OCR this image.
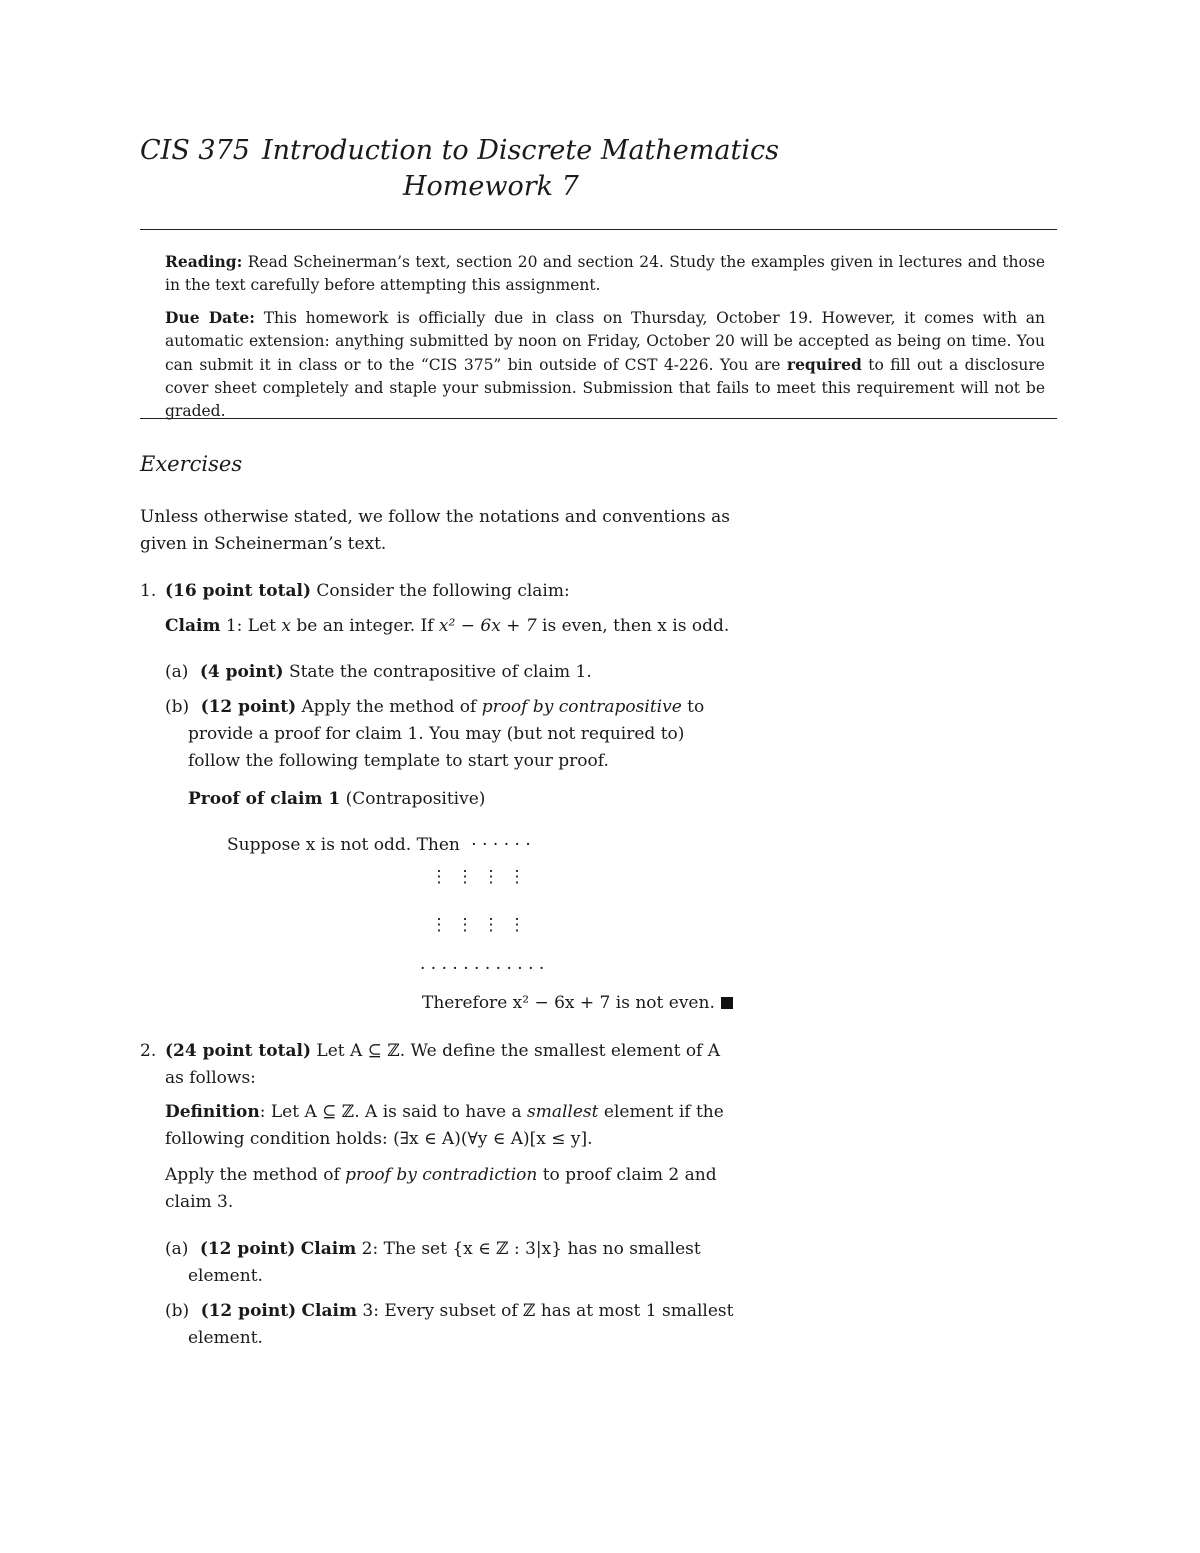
CIS 375 Introduction to Discrete Mathematics
Homework 7

Reading: Read Scheinerman’s text, section 20 and section 24. Study the examples given in lectures and those in the text carefully before attempting this assignment.

Due Date: This homework is officially due in class on Thursday, October 19. However, it comes with an automatic extension: anything submitted by noon on Friday, October 20 will be accepted as being on time. You can submit it in class or to the “CIS 375” bin outside of CST 4-226. You are required to fill out a disclosure cover sheet completely and staple your submission. Submission that fails to meet this requirement will not be graded.

Exercises
Unless otherwise stated, we follow the notations and conventions as given in Scheinerman’s text.
1. (16 point total) Consider the following claim:
Claim 1: Let x be an integer. If x² − 6x + 7 is even, then x is odd.
(a) (4 point) State the contrapositive of claim 1.
(b) (12 point) Apply the method of proof by contrapositive to provide a proof for claim 1. You may (but not required to) follow the following template to start your proof.
Proof of claim 1 (Contrapositive)
Suppose x is not odd. Then · · · · · ·
⋮ ⋮ ⋮ ⋮
⋮ ⋮ ⋮ ⋮
· · · · · · · · · · · ·
Therefore x² − 6x + 7 is not even.
2. (24 point total) Let A ⊆ ℤ. We define the smallest element of A as follows:
Definition: Let A ⊆ ℤ. A is said to have a smallest element if the following condition holds: (∃x ∈ A)(∀y ∈ A)[x ≤ y].
Apply the method of proof by contradiction to proof claim 2 and claim 3.
(a) (12 point) Claim 2: The set {x ∈ ℤ : 3|x} has no smallest element.
(b) (12 point) Claim 3: Every subset of ℤ has at most 1 smallest element.
